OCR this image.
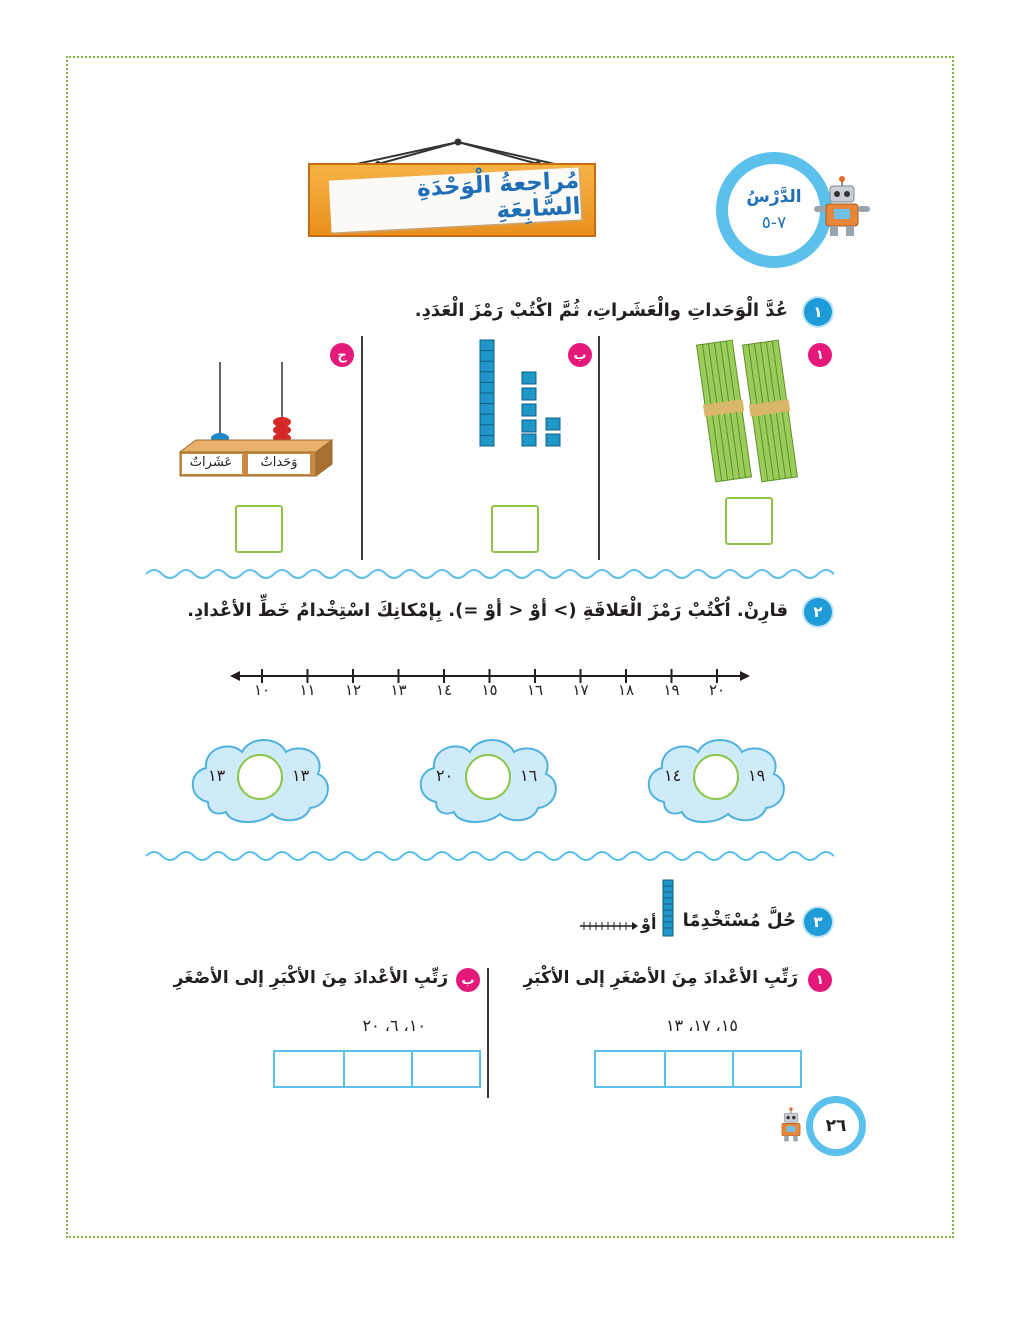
مُراجعةُ الْوَحْدَةِ السَّابِعَةِ	الدَّرْسُ
٧-٥
١
عُدَّ الْوَحَداتِ والْعَشَراتِ، ثُمَّ اكْتُبْ رَمْزَ الْعَدَدِ.
١
ب
ج
عَشَراتٌ	وَحَداتٌ
٢
قارِنْ. اُكْتُبْ رَمْزَ الْعَلاقَةِ (> أوْ < أوْ =). بِإمْكانِكَ اسْتِخْدامُ خَطِّ الأعْدادِ.
١٠	١١	١٢	١٣	١٤	١٥	١٦	١٧	١٨	١٩	٢٠
١٩
١٤
١٦
٢٠
١٣
١٣
٣
حُلَّ مُسْتَخْدِمًا
أوْ
١
رَتِّبِ الأعْدادَ مِنَ الأصْغَرِ إلى الأكْبَرِ
١٥، ١٧، ١٣
ب
رَتِّبِ الأعْدادَ مِنَ الأكْبَرِ إلى الأصْغَرِ
١٠، ٦، ٢٠
٢٦
